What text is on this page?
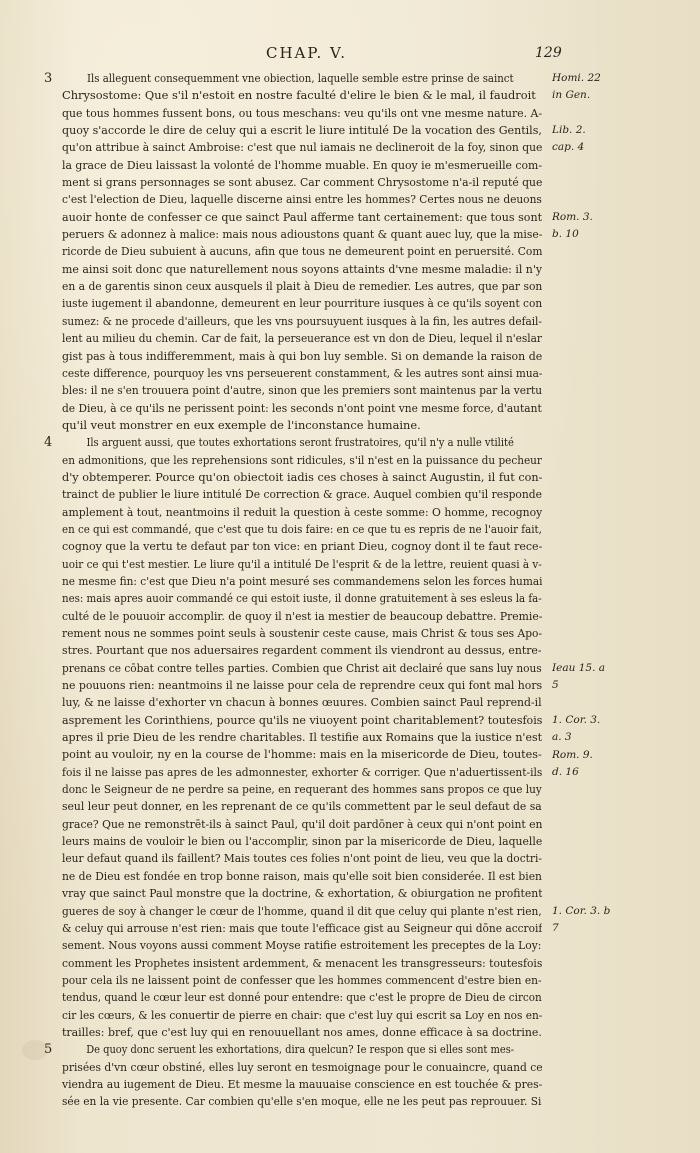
CHAP. V.	129
3	Ils alleguent consequemment vne obiection, laquelle semble estre prinse de sainct
Chrysostome: Que s'il n'estoit en nostre faculté d'elire le bien & le mal, il faudroit
que tous hommes fussent bons, ou tous meschans: veu qu'ils ont vne mesme nature. A-
quoy s'accorde le dire de celuy qui a escrit le liure intitulé De la vocation des Gentils,
qu'on attribue à sainct Ambroise: c'est que nul iamais ne declineroit de la foy, sinon que
la grace de Dieu laissast la volonté de l'homme muable. En quoy ie m'esmerueille com-
ment si grans personnages se sont abusez. Car comment Chrysostome n'a-il reputé que
c'est l'election de Dieu, laquelle discerne ainsi entre les hommes? Certes nous ne deuons
auoir honte de confesser ce que sainct Paul afferme tant certainement: que tous sont
peruers & adonnez à malice: mais nous adioustons quant & quant auec luy, que la mise-
ricorde de Dieu subuient à aucuns, afin que tous ne demeurent point en peruersité. Com
me ainsi soit donc que naturellement nous soyons attaints d'vne mesme maladie: il n'y
en a de garentis sinon ceux ausquels il plait à Dieu de remedier. Les autres, que par son
iuste iugement il abandonne, demeurent en leur pourriture iusques à ce qu'ils soyent con
sumez: & ne procede d'ailleurs, que les vns poursuyuent iusques à la fin, les autres defail-
lent au milieu du chemin. Car de fait, la perseuerance est vn don de Dieu, lequel il n'eslar
gist pas à tous indifferemment, mais à qui bon luy semble. Si on demande la raison de
ceste difference, pourquoy les vns perseuerent constamment, & les autres sont ainsi mua-
bles: il ne s'en trouuera point d'autre, sinon que les premiers sont maintenus par la vertu
de Dieu, à ce qu'ils ne perissent point: les seconds n'ont point vne mesme force, d'autant
qu'il veut monstrer en eux exemple de l'inconstance humaine.
4	Ils arguent aussi, que toutes exhortations seront frustratoires, qu'il n'y a nulle vtilité
en admonitions, que les reprehensions sont ridicules, s'il n'est en la puissance du pecheur
d'y obtemperer. Pource qu'on obiectoit iadis ces choses à sainct Augustin, il fut con-
trainct de publier le liure intitulé De correction & grace. Auquel combien qu'il responde
amplement à tout, neantmoins il reduit la question à ceste somme: O homme, recognoy
en ce qui est commandé, que c'est que tu dois faire: en ce que tu es repris de ne l'auoir fait,
cognoy que la vertu te defaut par ton vice: en priant Dieu, cognoy dont il te faut rece-
uoir ce qui t'est mestier. Le liure qu'il a intitulé De l'esprit & de la lettre, reuient quasi à v-
ne mesme fin: c'est que Dieu n'a point mesuré ses commandemens selon les forces humai
nes: mais apres auoir commandé ce qui estoit iuste, il donne gratuitement à ses esleus la fa-
culté de le pouuoir accomplir. de quoy il n'est ia mestier de beaucoup debattre. Premie-
rement nous ne sommes point seuls à soustenir ceste cause, mais Christ & tous ses Apo-
stres. Pourtant que nos aduersaires regardent comment ils viendront au dessus, entre-
prenans ce cōbat contre telles parties. Combien que Christ ait declairé que sans luy nous
ne pouuons rien: neantmoins il ne laisse pour cela de reprendre ceux qui font mal hors
luy, & ne laisse d'exhorter vn chacun à bonnes œuures. Combien sainct Paul reprend-il
asprement les Corinthiens, pource qu'ils ne viuoyent point charitablement? toutesfois
apres il prie Dieu de les rendre charitables. Il testifie aux Romains que la iustice n'est
point au vouloir, ny en la course de l'homme: mais en la misericorde de Dieu, toutes-
fois il ne laisse pas apres de les admonnester, exhorter & corriger. Que n'aduertissent-ils
donc le Seigneur de ne perdre sa peine, en requerant des hommes sans propos ce que luy
seul leur peut donner, en les reprenant de ce qu'ils commettent par le seul defaut de sa
grace? Que ne remonstrēt-ils à sainct Paul, qu'il doit pardōner à ceux qui n'ont point en
leurs mains de vouloir le bien ou l'accomplir, sinon par la misericorde de Dieu, laquelle
leur defaut quand ils faillent? Mais toutes ces folies n'ont point de lieu, veu que la doctri-
ne de Dieu est fondée en trop bonne raison, mais qu'elle soit bien considerée. Il est bien
vray que sainct Paul monstre que la doctrine, & exhortation, & obiurgation ne profitent
gueres de soy à changer le cœur de l'homme, quand il dit que celuy qui plante n'est rien,
& celuy qui arrouse n'est rien: mais que toute l'efficace gist au Seigneur qui dōne accroif
sement. Nous voyons aussi comment Moyse ratifie estroitement les preceptes de la Loy:
comment les Prophetes insistent ardemment, & menacent les transgresseurs: toutesfois
pour cela ils ne laissent point de confesser que les hommes commencent d'estre bien en-
tendus, quand le cœur leur est donné pour entendre: que c'est le propre de Dieu de circon
cir les cœurs, & les conuertir de pierre en chair: que c'est luy qui escrit sa Loy en nos en-
trailles: bref, que c'est luy qui en renouuellant nos ames, donne efficace à sa doctrine.
5	De quoy donc seruent les exhortations, dira quelcun? Ie respon que si elles sont mes-
prisées d'vn cœur obstiné, elles luy seront en tesmoignage pour le conuaincre, quand ce
viendra au iugement de Dieu. Et mesme la mauuaise conscience en est touchée & pres-
sée en la vie presente. Car combien qu'elle s'en moque, elle ne les peut pas reprouuer. Si
Homi. 22
in Gen.
Lib. 2.
cap. 4
Rom. 3.
b. 10
Ieau 15. a
5
1. Cor. 3.
a. 3
Rom. 9.
d. 16
1. Cor. 3. b
7
